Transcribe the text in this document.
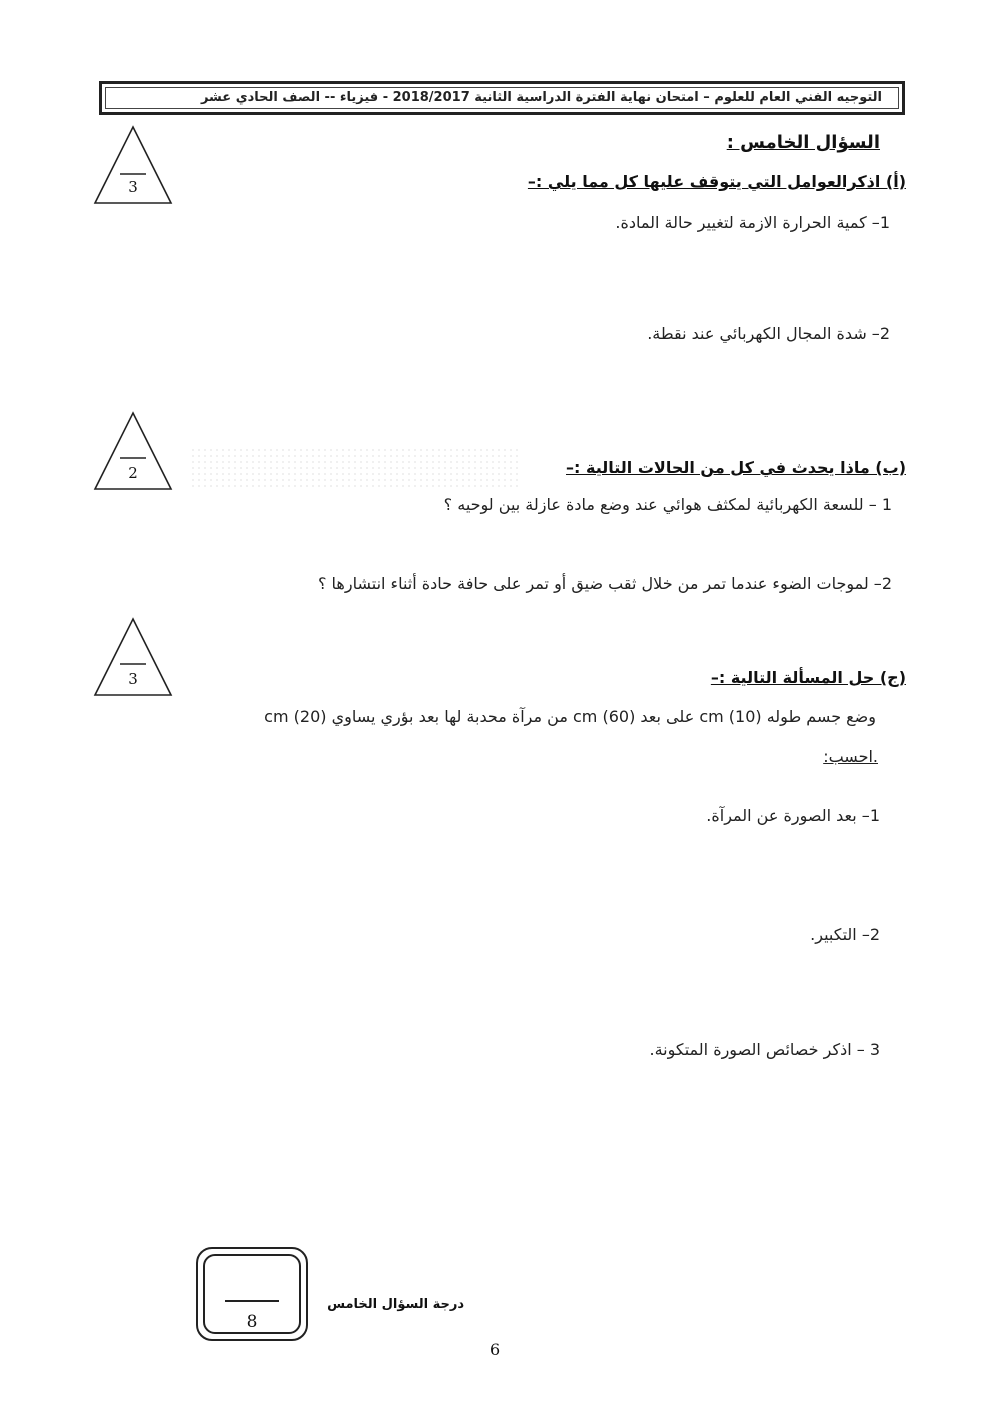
التوجيه الفني العام للعلوم – امتحان نهاية الفترة الدراسية الثانية 2018/2017 - فيزياء -- الصف الحادي عشر
السؤال الخامس :
3	(أ) اذكرالعوامل التي يتوقف عليها كل مما يلي :–
1– كمية الحرارة الازمة لتغيير حالة المادة.
2– شدة المجال الكهربائي عند نقطة.
2	(ب) ماذا يحدث في كل من الحالات التالية :–
1 – للسعة الكهربائية لمكثف هوائي عند وضع مادة عازلة بين لوحيه ؟
2– لموجات الضوء عندما تمر من خلال ثقب ضيق أو تمر على حافة حادة أثناء انتشارها ؟
3	(ج) حل المسألة التالية :–
وضع جسم طوله cm (10) على بعد cm (60) من مرآة محدبة لها بعد بؤري يساوي cm (20)
.احسب:
1– بعد الصورة عن المرآة.
2– التكبير.
3 – اذكر خصائص الصورة المتكونة.
8
درجة السؤال الخامس
6
